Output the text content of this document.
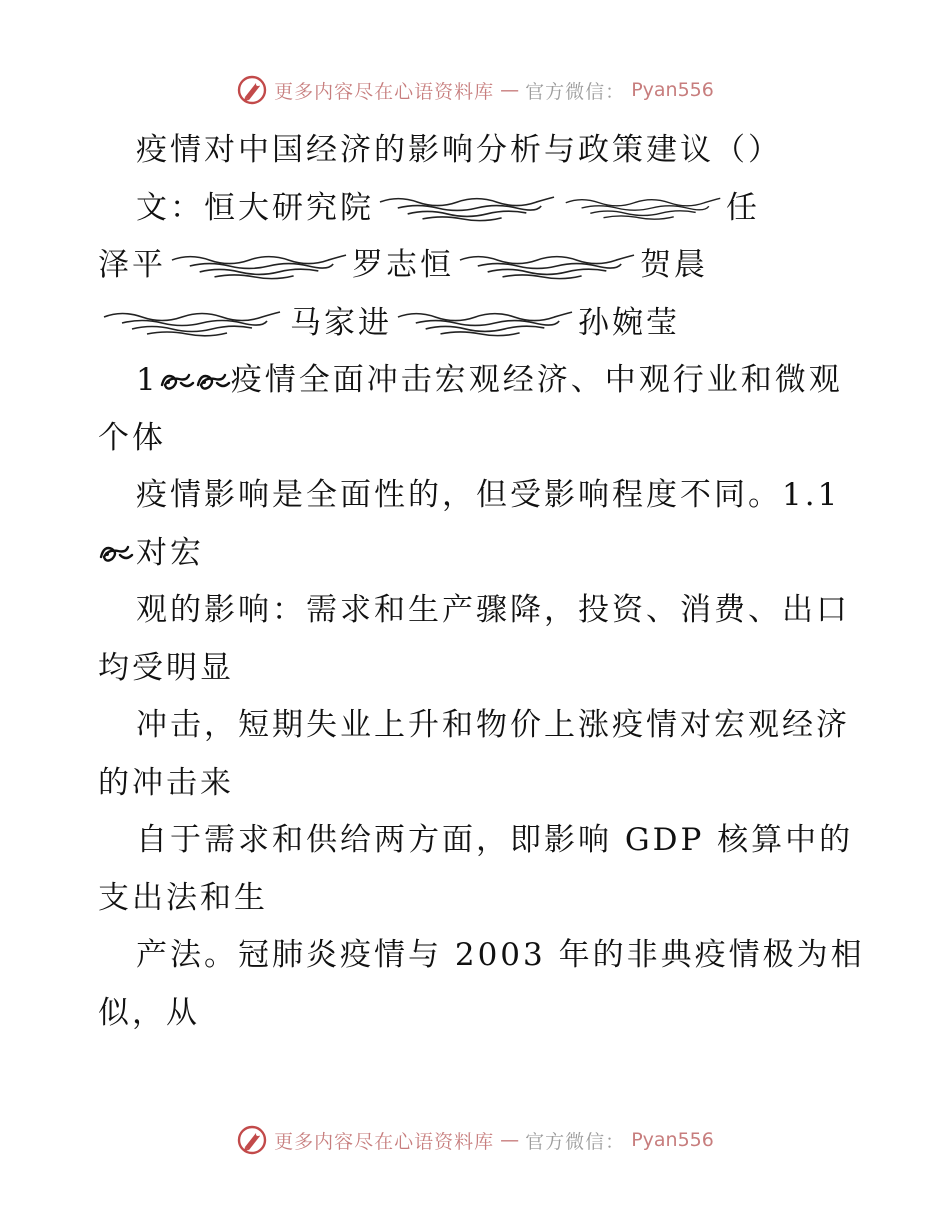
更多内容尽在心语资料库 — 官方微信： Pyan556
疫情对中国经济的影响分析与政策建议（）
文：恒大研究院	任
泽平	罗志恒	贺晨
马家进	孙婉莹
1 疫情全面冲击宏观经济、中观行业和微观
个体
疫情影响是全面性的，但受影响程度不同。1.1
对宏
观的影响：需求和生产骤降，投资、消费、出口
均受明显
冲击，短期失业上升和物价上涨疫情对宏观经济
的冲击来
自于需求和供给两方面，即影响 GDP 核算中的
支出法和生
产法。冠肺炎疫情与 2003 年的非典疫情极为相
似，从
更多内容尽在心语资料库 — 官方微信： Pyan556
